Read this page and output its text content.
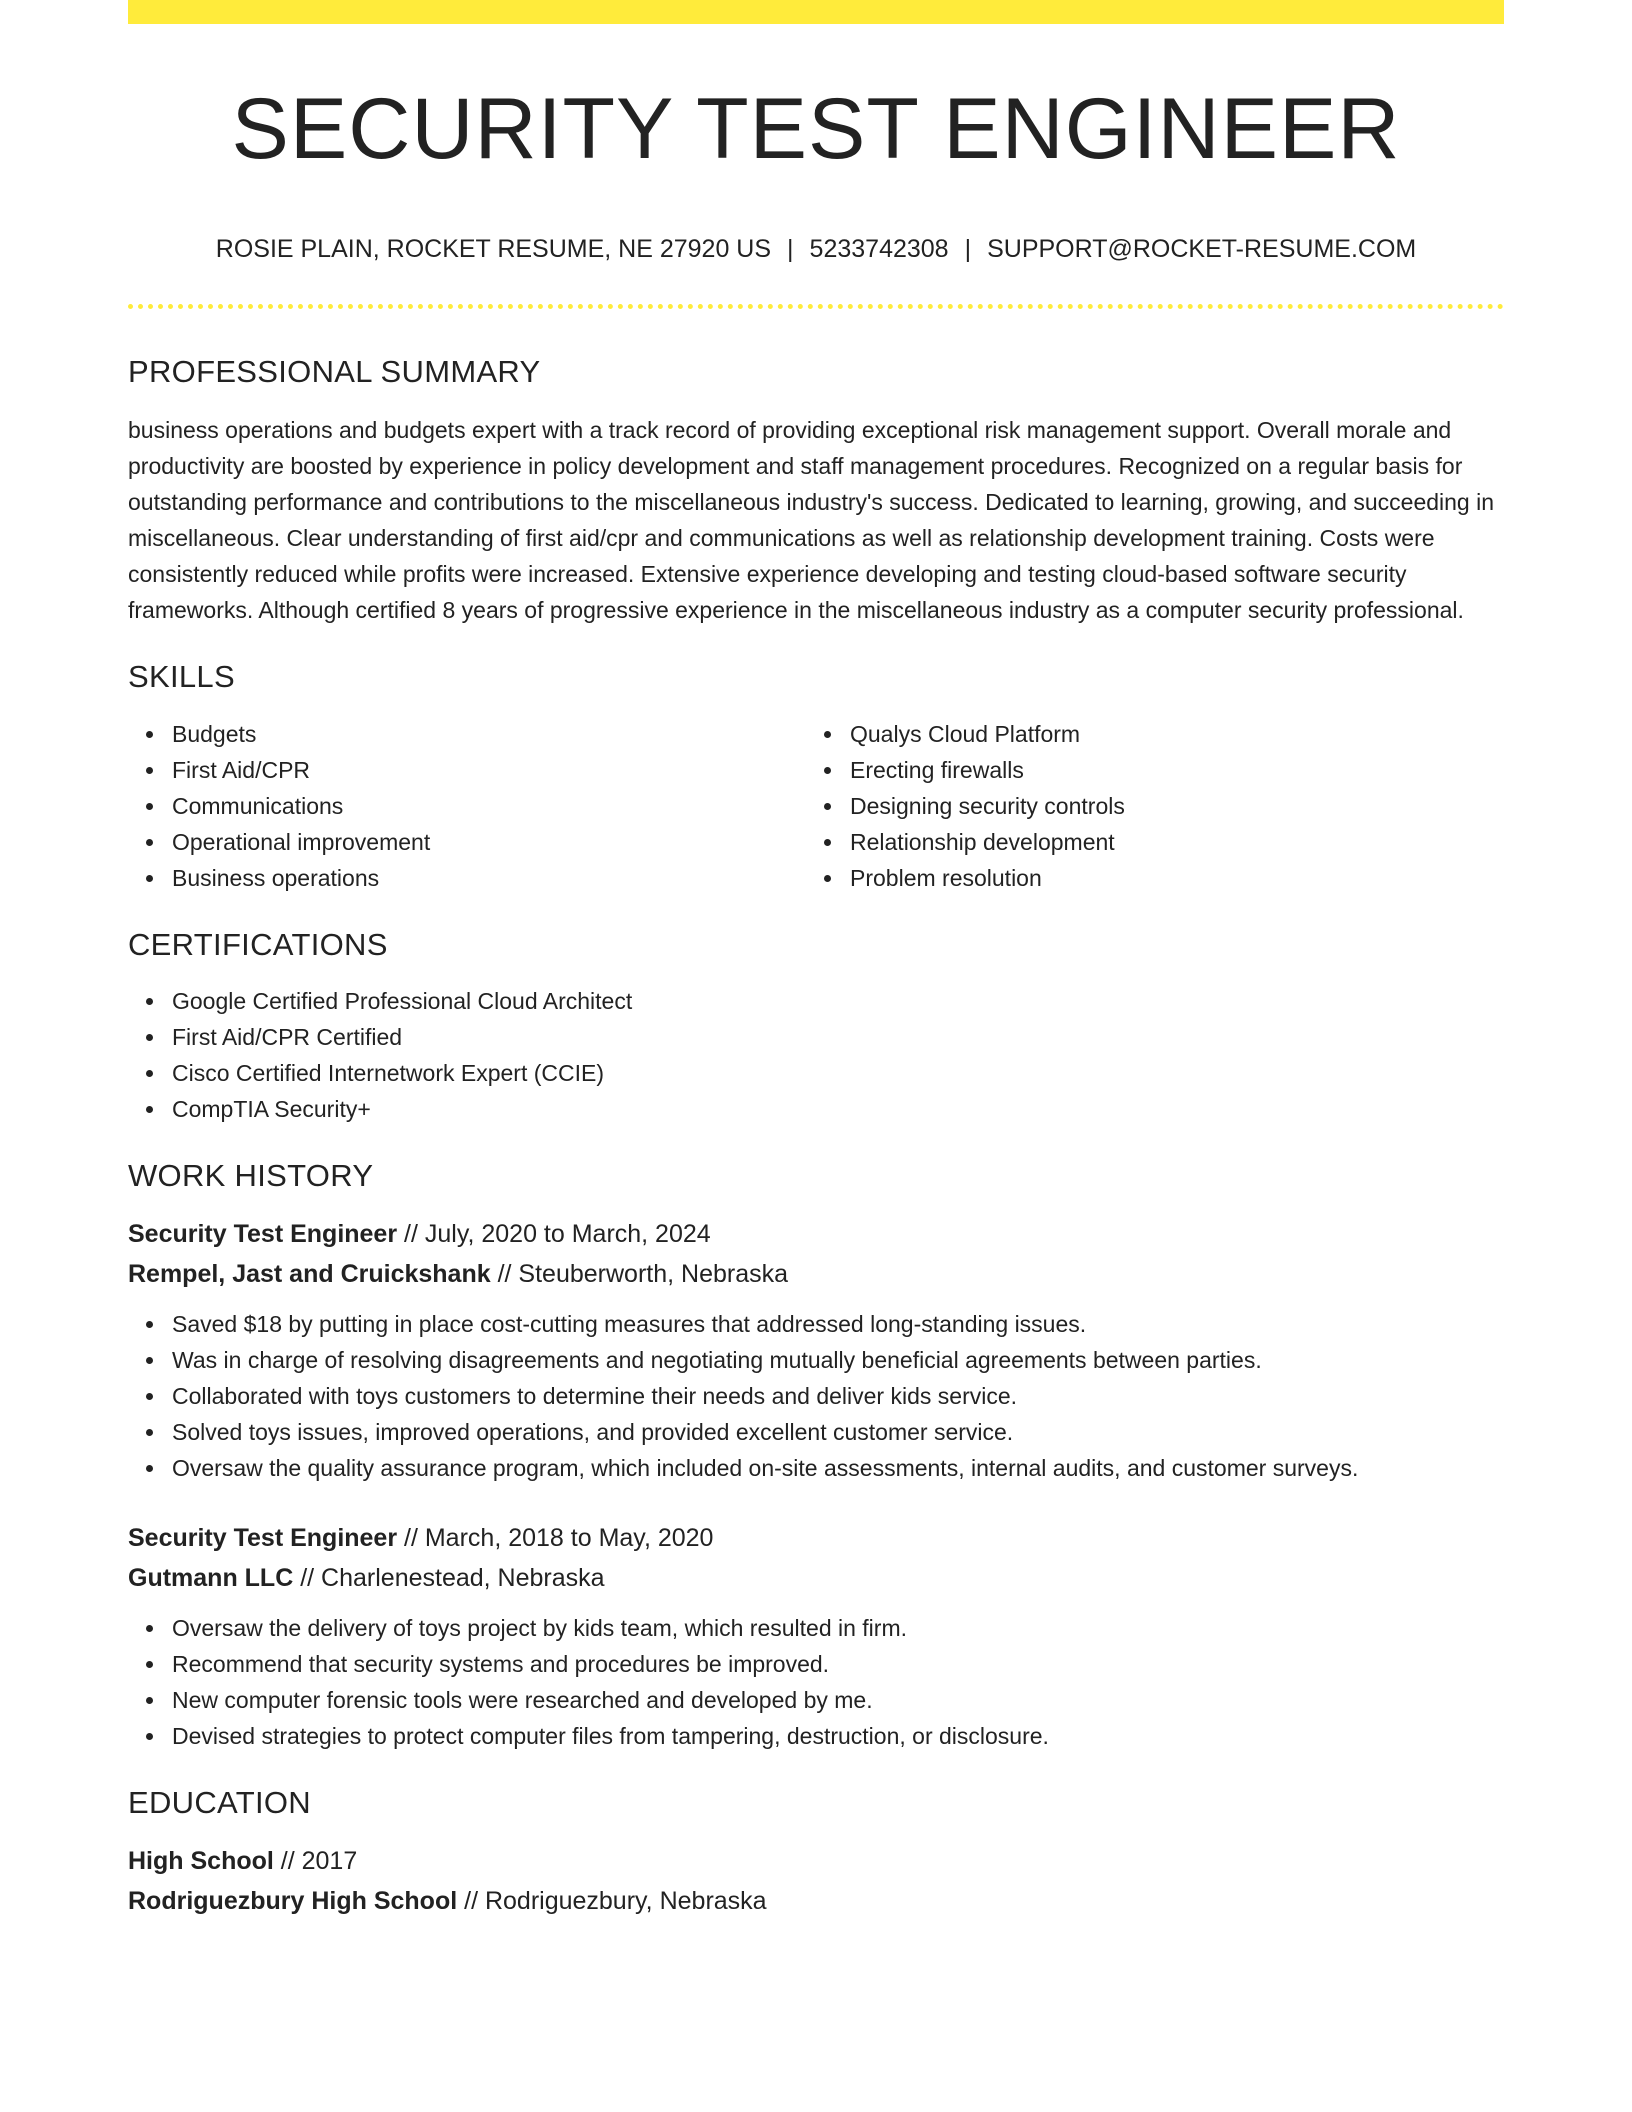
SECURITY TEST ENGINEER
ROSIE PLAIN, ROCKET RESUME, NE 27920 US | 5233742308 | SUPPORT@ROCKET-RESUME.COM
PROFESSIONAL SUMMARY
business operations and budgets expert with a track record of providing exceptional risk management support. Overall morale and productivity are boosted by experience in policy development and staff management procedures. Recognized on a regular basis for outstanding performance and contributions to the miscellaneous industry's success. Dedicated to learning, growing, and succeeding in miscellaneous. Clear understanding of first aid/cpr and communications as well as relationship development training. Costs were consistently reduced while profits were increased. Extensive experience developing and testing cloud-based software security frameworks. Although certified 8 years of progressive experience in the miscellaneous industry as a computer security professional.
SKILLS
Budgets
First Aid/CPR
Communications
Operational improvement
Business operations
Qualys Cloud Platform
Erecting firewalls
Designing security controls
Relationship development
Problem resolution
CERTIFICATIONS
Google Certified Professional Cloud Architect
First Aid/CPR Certified
Cisco Certified Internetwork Expert (CCIE)
CompTIA Security+
WORK HISTORY
Security Test Engineer // July, 2020 to March, 2024
Rempel, Jast and Cruickshank // Steuberworth, Nebraska
Saved $18 by putting in place cost-cutting measures that addressed long-standing issues.
Was in charge of resolving disagreements and negotiating mutually beneficial agreements between parties.
Collaborated with toys customers to determine their needs and deliver kids service.
Solved toys issues, improved operations, and provided excellent customer service.
Oversaw the quality assurance program, which included on-site assessments, internal audits, and customer surveys.
Security Test Engineer // March, 2018 to May, 2020
Gutmann LLC // Charlenestead, Nebraska
Oversaw the delivery of toys project by kids team, which resulted in firm.
Recommend that security systems and procedures be improved.
New computer forensic tools were researched and developed by me.
Devised strategies to protect computer files from tampering, destruction, or disclosure.
EDUCATION
High School // 2017
Rodriguezbury High School // Rodriguezbury, Nebraska
